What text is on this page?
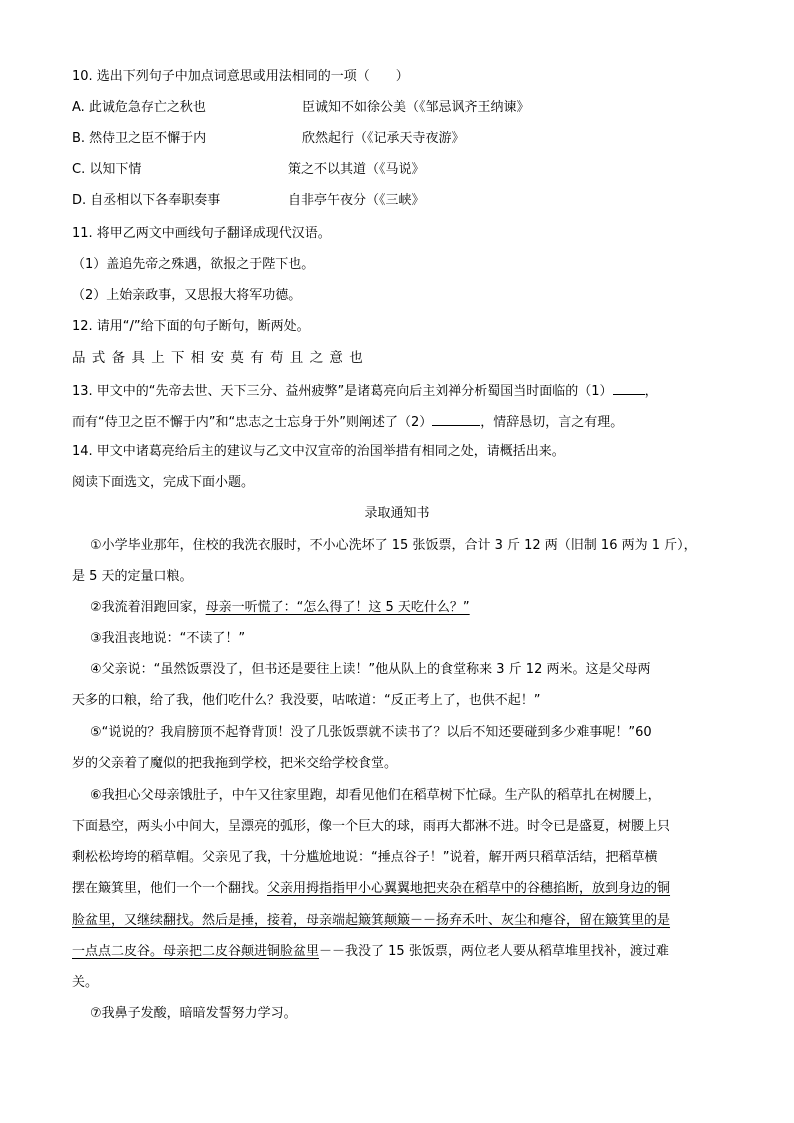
10. 选出下列句子中加点词意思或用法相同的一项（　　）
A. 此诚危急存亡之秋也	臣诚知不如徐公美（《邹忌讽齐王纳谏》
B. 然侍卫之臣不懈于内	欣然起行（《记承天寺夜游》
C. 以知下情	策之不以其道（《马说》
D. 自丞相以下各奉职奏事	自非亭午夜分（《三峡》
11. 将甲乙两文中画线句子翻译成现代汉语。
（1）盖追先帝之殊遇，欲报之于陛下也。
（2）上始亲政事，又思报大将军功德。
12. 请用“/”给下面的句子断句，断两处。
品式备具上下相安莫有苟且之意也
13. 甲文中的“先帝去世、天下三分、益州疲弊”是诸葛亮向后主刘禅分析蜀国当时面临的（1） ，
而有“侍卫之臣不懈于内”和“忠志之士忘身于外”则阐述了（2）	，情辞恳切，言之有理。
14. 甲文中诸葛亮给后主的建议与乙文中汉宣帝的治国举措有相同之处，请概括出来。
阅读下面选文，完成下面小题。
录取通知书
①小学毕业那年，住校的我洗衣服时，不小心洗坏了 15 张饭票，合计 3 斤 12 两（旧制 16 两为 1 斤），
是 5 天的定量口粮。
②我流着泪跑回家，母亲一听慌了：“怎么得了！这 5 天吃什么？”
③我沮丧地说：“不读了！”
④父亲说：“虽然饭票没了，但书还是要往上读！”他从队上的食堂称来 3 斤 12 两米。这是父母两
天多的口粮，给了我，他们吃什么？我没要，咕哝道：“反正考上了，也供不起！”
⑤“说说的？我肩膀顶不起脊背顶！没了几张饭票就不读书了？以后不知还要碰到多少难事呢！”60
岁的父亲着了魔似的把我拖到学校，把米交给学校食堂。
⑥我担心父母亲饿肚子，中午又往家里跑，却看见他们在稻草树下忙碌。生产队的稻草扎在树腰上，
下面悬空，两头小中间大，呈漂亮的弧形，像一个巨大的球，雨再大都淋不进。时令已是盛夏，树腰上只
剩松松垮垮的稻草帽。父亲见了我，十分尴尬地说：“捶点谷子！”说着，解开两只稻草活结，把稻草横
摆在簸箕里，他们一个一个翻找。父亲用拇指指甲小心翼翼地把夹杂在稻草中的谷穗掐断，放到身边的铜
脸盆里，又继续翻找。然后是捶，接着，母亲端起簸箕颠簸－－扬弃禾叶、灰尘和瘪谷，留在簸箕里的是
一点点二皮谷。母亲把二皮谷颠进铜脸盆里－－我没了 15 张饭票，两位老人要从稻草堆里找补，渡过难
关。
⑦我鼻子发酸，暗暗发誓努力学习。
